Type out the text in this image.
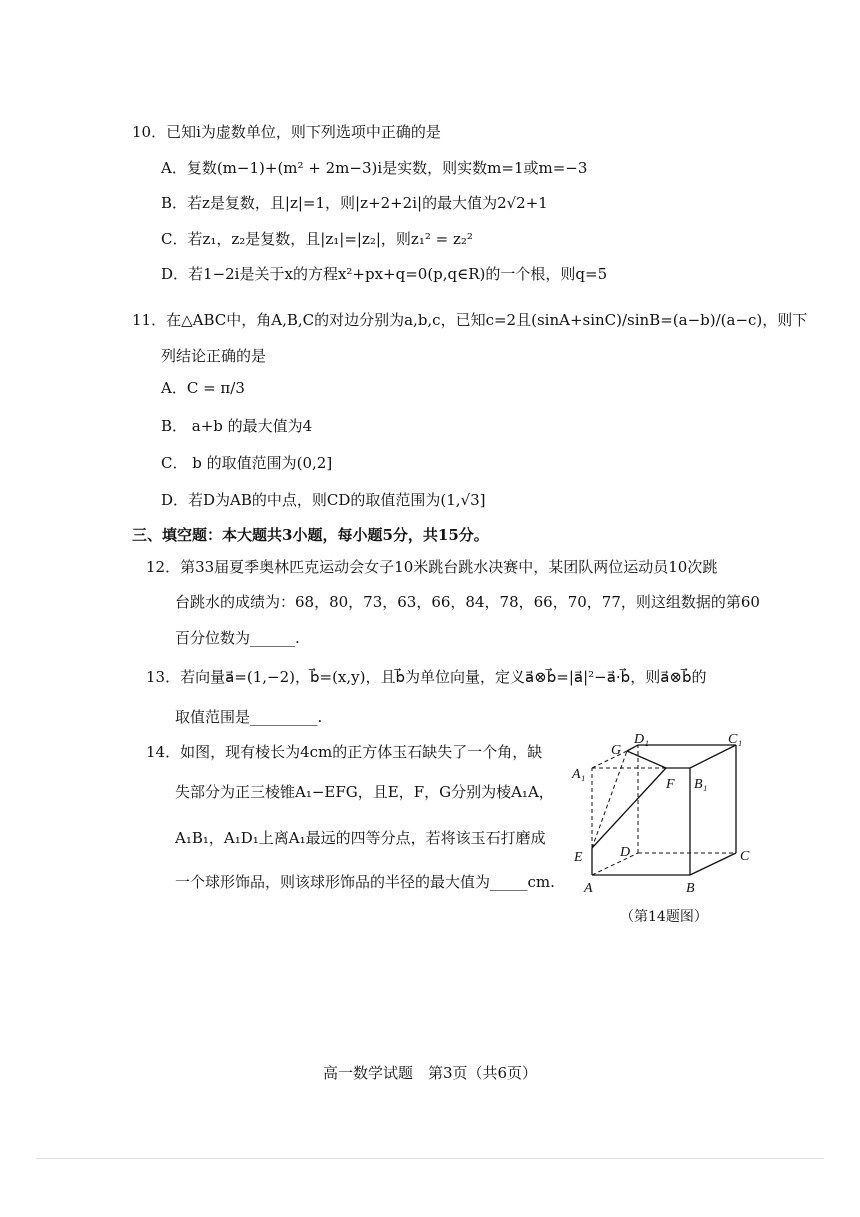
10．已知i为虚数单位，则下列选项中正确的是
A．复数(m−1)+(m² + 2m−3)i是实数，则实数m=1或m=−3
B．若z是复数，且|z|=1，则|z+2+2i|的最大值为2√2+1
C．若z₁，z₂是复数，且|z₁|=|z₂|，则z₁² = z₂²
D．若1−2i是关于x的方程x²+px+q=0(p,q∈R)的一个根，则q=5
11．在△ABC中，角A,B,C的对边分别为a,b,c，已知c=2且(sinA+sinC)/sinB=(a−b)/(a−c)，则下
列结论正确的是
A．C = π/3
B． a+b 的最大值为4
C． b 的取值范围为(0,2]
D．若D为AB的中点，则CD的取值范围为(1,√3]
三、填空题：本大题共3小题，每小题5分，共15分。
12．第33届夏季奥林匹克运动会女子10米跳台跳水决赛中，某团队两位运动员10次跳
台跳水的成绩为：68，80，73，63，66，84，78，66，70，77，则这组数据的第60
百分位数为______.
13．若向量a⃗=(1,−2)，b⃗=(x,y)，且b⃗为单位向量，定义a⃗⊗b⃗=|a⃗|²−a⃗·b⃗，则a⃗⊗b⃗的
取值范围是_________.
14．如图，现有棱长为4cm的正方体玉石缺失了一个角，缺
失部分为正三棱锥A₁−EFG，且E，F，G分别为棱A₁A，
A₁B₁，A₁D₁上离A₁最远的四等分点，若将该玉石打磨成
一个球形饰品，则该球形饰品的半径的最大值为_____cm.
G
D₁	C₁
A₁
F B₁
E	D	C
A	B
（第14题图）
高一数学试题　第3页（共6页）
